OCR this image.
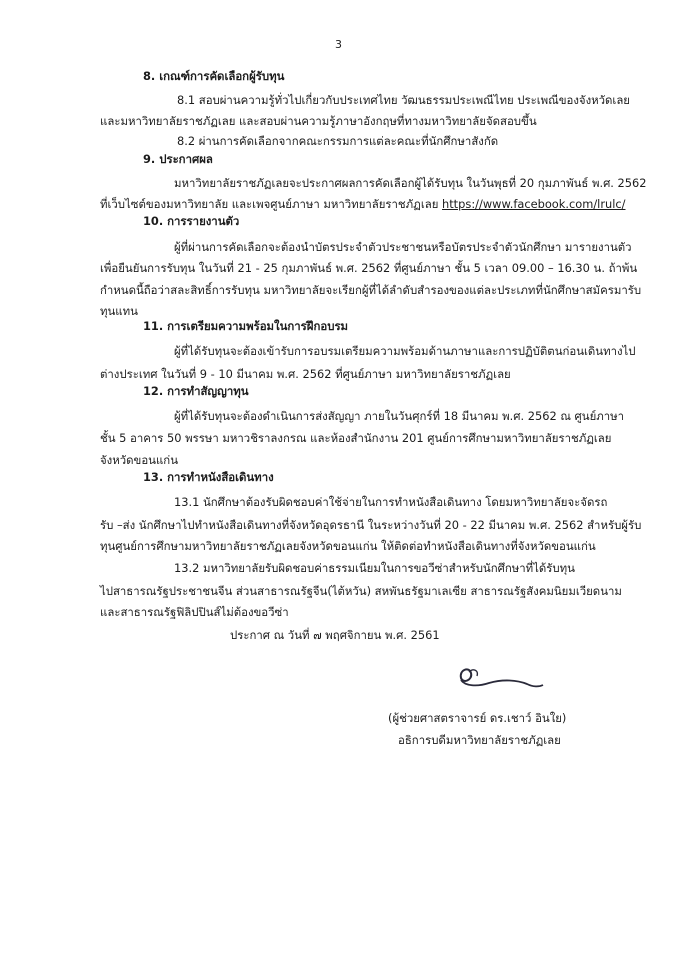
3
8. เกณฑ์การคัดเลือกผู้รับทุน
8.1 สอบผ่านความรู้ทั่วไปเกี่ยวกับประเทศไทย วัฒนธรรมประเพณีไทย ประเพณีของจังหวัดเลย
และมหาวิทยาลัยราชภัฏเลย และสอบผ่านความรู้ภาษาอังกฤษที่ทางมหาวิทยาลัยจัดสอบขึ้น
8.2 ผ่านการคัดเลือกจากคณะกรรมการแต่ละคณะที่นักศึกษาสังกัด
9. ประกาศผล
มหาวิทยาลัยราชภัฏเลยจะประกาศผลการคัดเลือกผู้ได้รับทุน ในวันพุธที่ 20 กุมภาพันธ์ พ.ศ. 2562
ที่เว็บไซต์ของมหาวิทยาลัย และเพจศูนย์ภาษา มหาวิทยาลัยราชภัฏเลย https://www.facebook.com/lrulc/
10. การรายงานตัว
ผู้ที่ผ่านการคัดเลือกจะต้องนำบัตรประจำตัวประชาชนหรือบัตรประจำตัวนักศึกษา มารายงานตัว
เพื่อยืนยันการรับทุน ในวันที่ 21 - 25 กุมภาพันธ์ พ.ศ. 2562 ที่ศูนย์ภาษา ชั้น 5 เวลา 09.00 – 16.30 น. ถ้าพ้น
กำหนดนี้ถือว่าสละสิทธิ์การรับทุน มหาวิทยาลัยจะเรียกผู้ที่ได้ลำดับสำรองของแต่ละประเภทที่นักศึกษาสมัครมารับ
ทุนแทน
11. การเตรียมความพร้อมในการฝึกอบรม
ผู้ที่ได้รับทุนจะต้องเข้ารับการอบรมเตรียมความพร้อมด้านภาษาและการปฏิบัติตนก่อนเดินทางไป
ต่างประเทศ ในวันที่ 9 - 10 มีนาคม พ.ศ. 2562 ที่ศูนย์ภาษา มหาวิทยาลัยราชภัฏเลย
12. การทำสัญญาทุน
ผู้ที่ได้รับทุนจะต้องดำเนินการส่งสัญญา ภายในวันศุกร์ที่ 18 มีนาคม พ.ศ. 2562 ณ ศูนย์ภาษา
ชั้น 5 อาคาร 50 พรรษา มหาวชิราลงกรณ และห้องสำนักงาน 201 ศูนย์การศึกษามหาวิทยาลัยราชภัฏเลย
จังหวัดขอนแก่น
13. การทำหนังสือเดินทาง
13.1 นักศึกษาต้องรับผิดชอบค่าใช้จ่ายในการทำหนังสือเดินทาง โดยมหาวิทยาลัยจะจัดรถ
รับ –ส่ง นักศึกษาไปทำหนังสือเดินทางที่จังหวัดอุดรธานี ในระหว่างวันที่ 20 - 22 มีนาคม พ.ศ. 2562 สำหรับผู้รับ
ทุนศูนย์การศึกษามหาวิทยาลัยราชภัฏเลยจังหวัดขอนแก่น ให้ติดต่อทำหนังสือเดินทางที่จังหวัดขอนแก่น
13.2 มหาวิทยาลัยรับผิดชอบค่าธรรมเนียมในการขอวีซ่าสำหรับนักศึกษาที่ได้รับทุน
ไปสาธารณรัฐประชาชนจีน ส่วนสาธารณรัฐจีน(ไต้หวัน) สหพันธรัฐมาเลเซีย สาธารณรัฐสังคมนิยมเวียดนาม
และสาธารณรัฐฟิลิปปินส์ไม่ต้องขอวีซ่า
ประกาศ ณ วันที่ ๗ พฤศจิกายน พ.ศ. 2561
(ผู้ช่วยศาสตราจารย์ ดร.เชาว์ อินใย)
อธิการบดีมหาวิทยาลัยราชภัฏเลย
